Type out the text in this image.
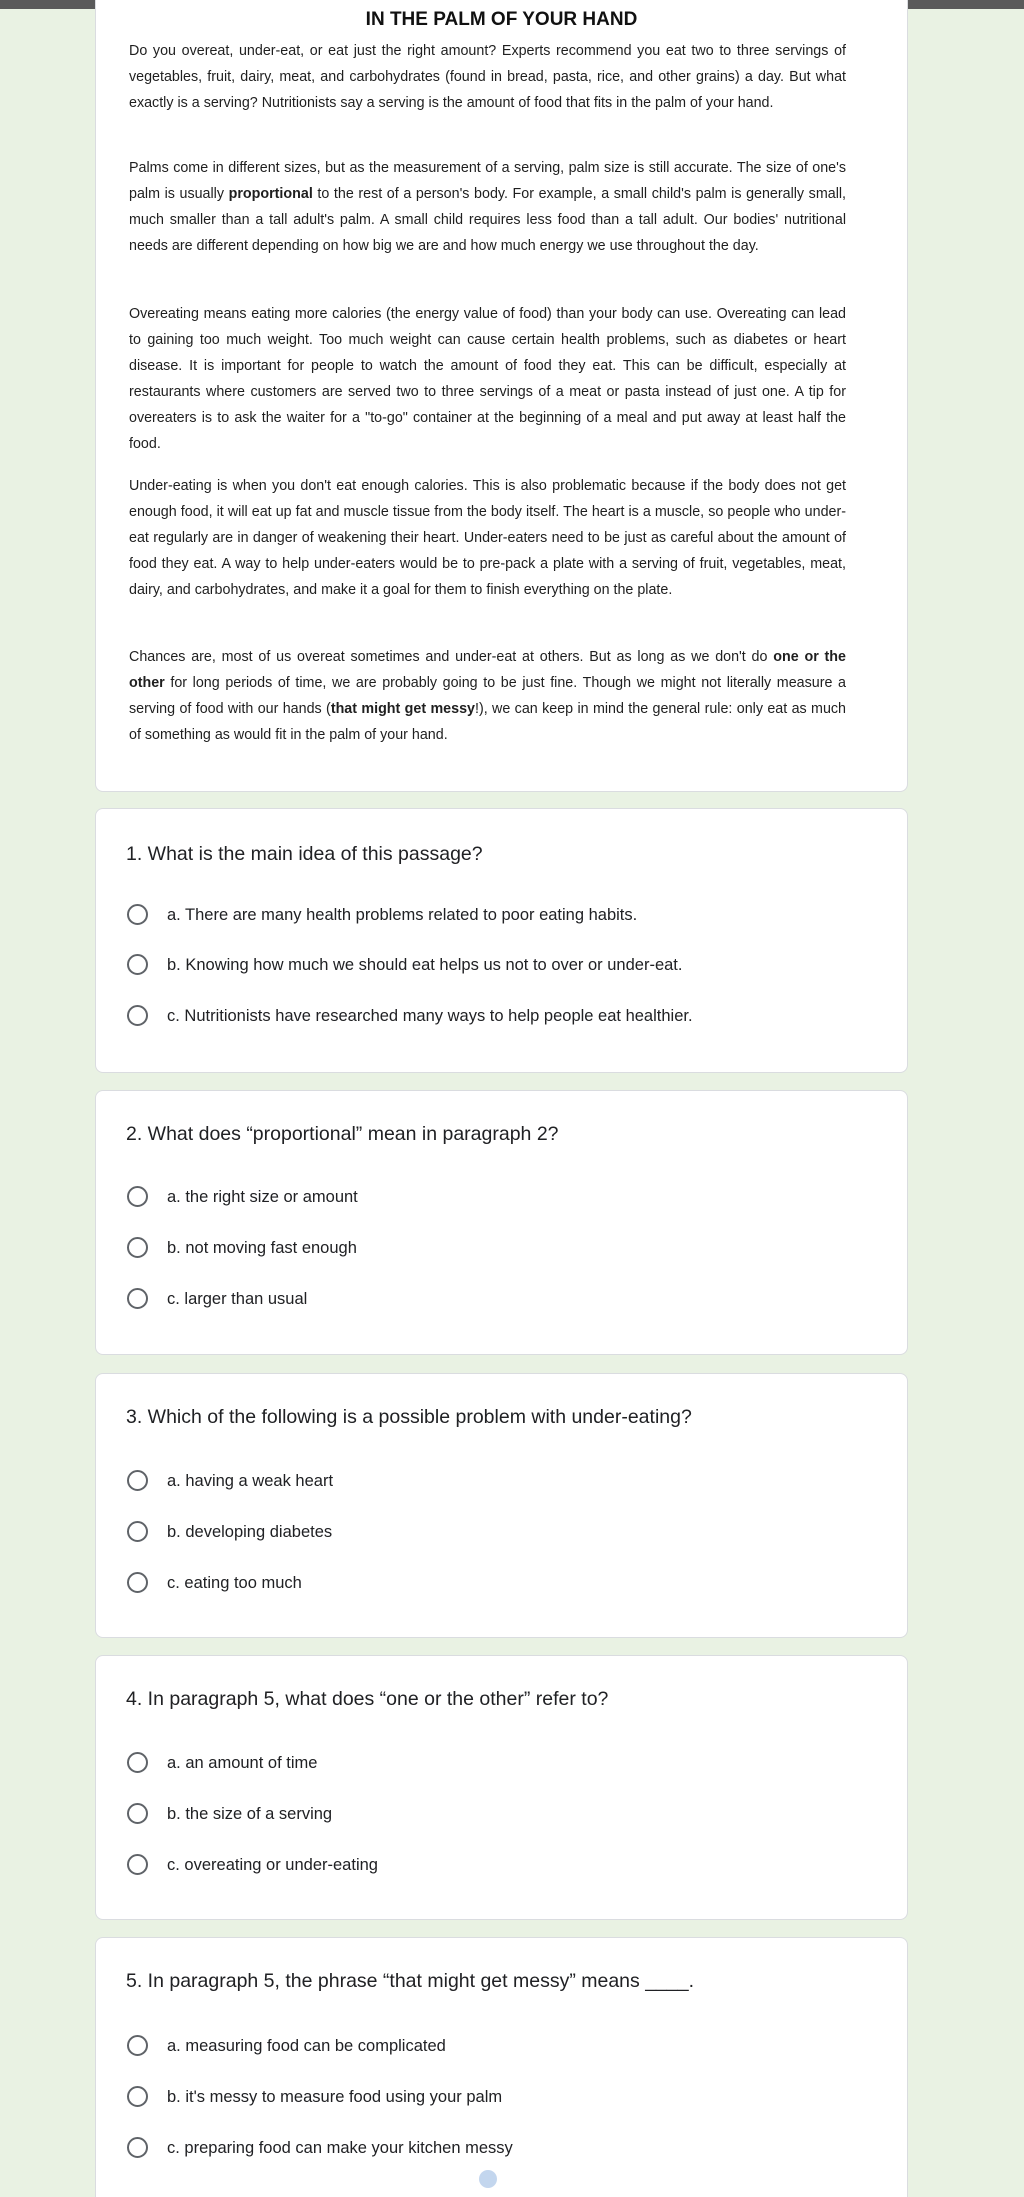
IN THE PALM OF YOUR HAND

Do you overeat, under-eat, or eat just the right amount? Experts recommend you eat two to three servings of vegetables, fruit, dairy, meat, and carbohydrates (found in bread, pasta, rice, and other grains) a day. But what exactly is a serving? Nutritionists say a serving is the amount of food that fits in the palm of your hand.

Palms come in different sizes, but as the measurement of a serving, palm size is still accurate. The size of one's palm is usually proportional to the rest of a person's body. For example, a small child's palm is generally small, much smaller than a tall adult's palm. A small child requires less food than a tall adult. Our bodies' nutritional needs are different depending on how big we are and how much energy we use throughout the day.

Overeating means eating more calories (the energy value of food) than your body can use. Overeating can lead to gaining too much weight. Too much weight can cause certain health problems, such as diabetes or heart disease. It is important for people to watch the amount of food they eat. This can be difficult, especially at restaurants where customers are served two to three servings of a meat or pasta instead of just one. A tip for overeaters is to ask the waiter for a "to-go" container at the beginning of a meal and put away at least half the food.

Under-eating is when you don't eat enough calories. This is also problematic because if the body does not get enough food, it will eat up fat and muscle tissue from the body itself. The heart is a muscle, so people who under-eat regularly are in danger of weakening their heart. Under-eaters need to be just as careful about the amount of food they eat. A way to help under-eaters would be to pre-pack a plate with a serving of fruit, vegetables, meat, dairy, and carbohydrates, and make it a goal for them to finish everything on the plate.

Chances are, most of us overeat sometimes and under-eat at others. But as long as we don't do one or the other for long periods of time, we are probably going to be just fine. Though we might not literally measure a serving of food with our hands (that might get messy!), we can keep in mind the general rule: only eat as much of something as would fit in the palm of your hand.

1. What is the main idea of this passage?

a. There are many health problems related to poor eating habits.
b. Knowing how much we should eat helps us not to over or under-eat.
c. Nutritionists have researched many ways to help people eat healthier.

2. What does “proportional” mean in paragraph 2?

a. the right size or amount
b. not moving fast enough
c. larger than usual

3. Which of the following is a possible problem with under-eating?

a. having a weak heart
b. developing diabetes
c. eating too much

4. In paragraph 5, what does “one or the other” refer to?

a. an amount of time
b. the size of a serving
c. overeating or under-eating

5. In paragraph 5, the phrase “that might get messy” means ____.

a. measuring food can be complicated
b. it's messy to measure food using your palm
c. preparing food can make your kitchen messy
